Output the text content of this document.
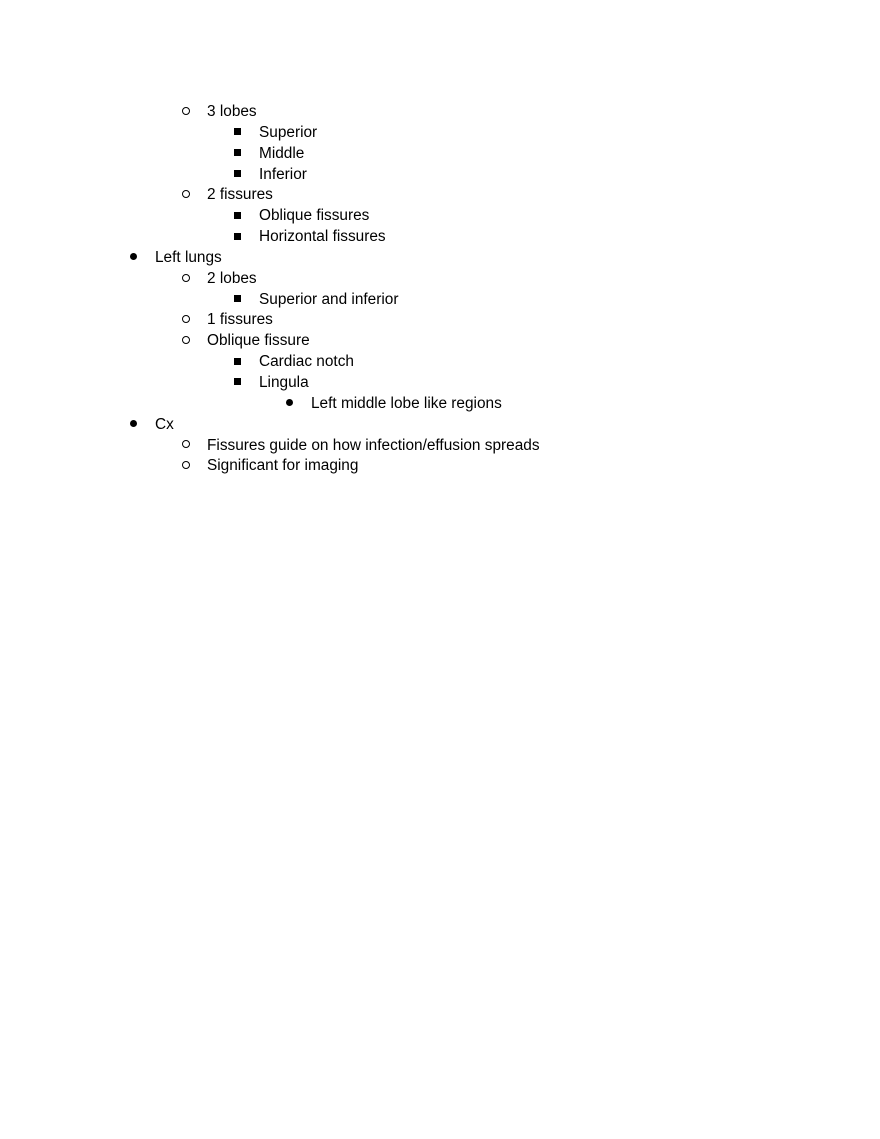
3 lobes
Superior
Middle
Inferior
2 fissures
Oblique fissures
Horizontal fissures
Left lungs
2 lobes
Superior and inferior
1 fissures
Oblique fissure
Cardiac notch
Lingula
Left middle lobe like regions
Cx
Fissures guide on how infection/effusion spreads
Significant for imaging
